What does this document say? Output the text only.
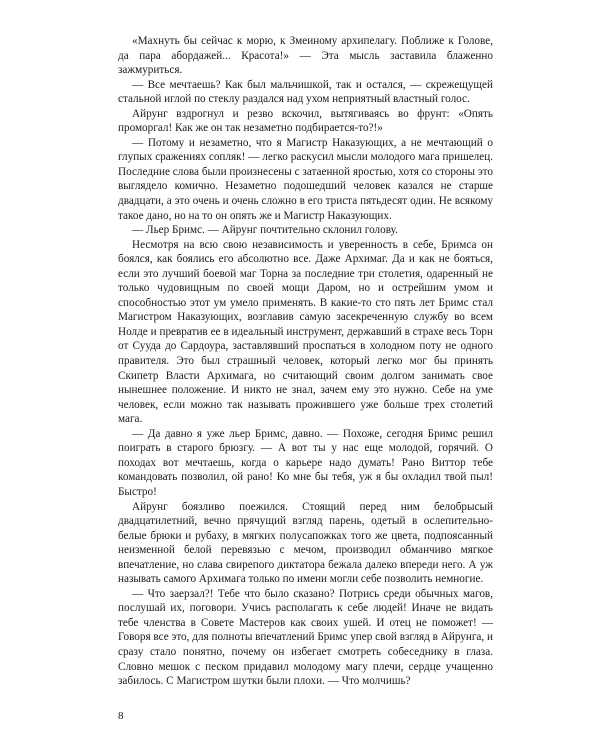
«Махнуть бы сейчас к морю, к Змеиному архипелагу. Поближе к Голове, да пара абордажей... Красота!» — Эта мысль заставила блаженно зажмуриться.

— Все мечтаешь? Как был мальчишкой, так и остался, — скрежещущей стальной иглой по стеклу раздался над ухом неприятный властный голос.

Айрунг вздрогнул и резво вскочил, вытягиваясь во фрунт: «Опять проморгал! Как же он так незаметно подбирается-то?!»

— Потому и незаметно, что я Магистр Наказующих, а не мечтающий о глупых сражениях сопляк! — легко раскусил мысли молодого мага пришелец. Последние слова были произнесены с затаенной яростью, хотя со стороны это выглядело комично. Незаметно подошедший человек казался не старше двадцати, а это очень и очень сложно в его триста пятьдесят один. Не всякому такое дано, но на то он опять же и Магистр Наказующих.

— Льер Бримс. — Айрунг почтительно склонил голову.

Несмотря на всю свою независимость и уверенность в себе, Бримса он боялся, как боялись его абсолютно все. Даже Архимаг. Да и как не бояться, если это лучший боевой маг Торна за последние три столетия, одаренный не только чудовищным по своей мощи Даром, но и острейшим умом и способностью этот ум умело применять. В какие-то сто пять лет Бримс стал Магистром Наказующих, возглавив самую засекреченную службу во всем Нолде и превратив ее в идеальный инструмент, державший в страхе весь Торн от Сууда до Сардоура, заставлявший проспаться в холодном поту не одного правителя. Это был страшный человек, который легко мог бы принять Скипетр Власти Архимага, но считающий своим долгом занимать свое нынешнее положение. И никто не знал, зачем ему это нужно. Себе на уме человек, если можно так называть прожившего уже больше трех столетий мага.

— Да давно я уже льер Бримс, давно. — Похоже, сегодня Бримс решил поиграть в старого брюзгу. — А вот ты у нас еще молодой, горячий. О походах вот мечтаешь, когда о карьере надо думать! Рано Виттор тебе командовать позволил, ой рано! Ко мне бы тебя, уж я бы охладил твой пыл! Быстро!

Айрунг боязливо поежился. Стоящий перед ним белобрысый двадцатилетний, вечно прячущий взгляд парень, одетый в ослепительно-белые брюки и рубаху, в мягких полусапожках того же цвета, подпоясанный неизменной белой перевязью с мечом, производил обманчиво мягкое впечатление, но слава свирепого диктатора бежала далеко впереди него. А уж называть самого Архимага только по имени могли себе позволить немногие.

— Что заерзал?! Тебе что было сказано? Потрись среди обычных магов, послушай их, поговори. Учись располагать к себе людей! Иначе не видать тебе членства в Совете Мастеров как своих ушей. И отец не поможет! — Говоря все это, для полноты впечатлений Бримс упер свой взгляд в Айрунга, и сразу стало понятно, почему он избегает смотреть собеседнику в глаза. Словно мешок с песком придавил молодому магу плечи, сердце учащенно забилось. С Магистром шутки были плохи. — Что молчишь?

8
